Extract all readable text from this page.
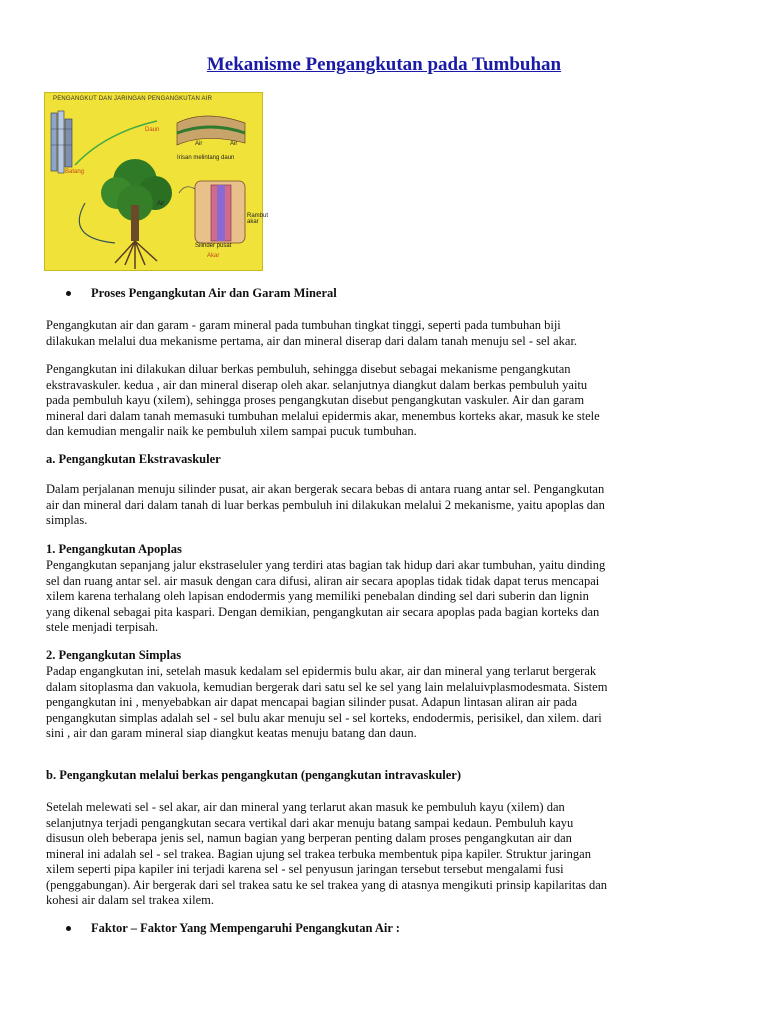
Mekanisme Pengangkutan pada Tumbuhan
PENGANGKUT DAN JARINGAN PENGANGKUTAN AIR
Daun
Batang
Air	Air
Irisan melintang daun
Air
Rambut akar
Silinder pusat
Akar
Proses Pengangkutan Air dan Garam Mineral
Pengangkutan air dan garam - garam mineral pada tumbuhan tingkat tinggi, seperti pada tumbuhan biji
dilakukan melalui dua mekanisme pertama, air dan mineral diserap dari dalam tanah menuju sel - sel akar.
Pengangkutan ini dilakukan diluar berkas pembuluh, sehingga disebut sebagai mekanisme pengangkutan
ekstravaskuler. kedua , air dan mineral diserap oleh akar. selanjutnya diangkut dalam berkas pembuluh yaitu
pada pembuluh kayu (xilem), sehingga proses pengangkutan disebut pengangkutan vaskuler. Air dan garam
mineral dari dalam tanah memasuki tumbuhan melalui epidermis akar, menembus korteks akar, masuk ke stele
dan kemudian mengalir naik ke pembuluh xilem sampai pucuk tumbuhan.
a. Pengangkutan Ekstravaskuler
Dalam perjalanan menuju silinder pusat, air akan bergerak secara bebas di antara ruang antar sel. Pengangkutan
air dan mineral dari dalam tanah di luar berkas pembuluh ini dilakukan melalui 2 mekanisme, yaitu apoplas dan
simplas.
1. Pengangkutan Apoplas
Pengangkutan sepanjang jalur ekstraseluler yang terdiri atas bagian tak hidup dari akar tumbuhan, yaitu dinding
sel dan ruang antar sel. air masuk dengan cara difusi, aliran air secara apoplas tidak tidak dapat terus mencapai
xilem karena terhalang oleh lapisan endodermis yang memiliki penebalan dinding sel dari suberin dan lignin
yang dikenal sebagai pita kaspari. Dengan demikian, pengangkutan air secara apoplas pada bagian korteks dan
stele menjadi terpisah.
2. Pengangkutan Simplas
Padap engangkutan ini, setelah masuk kedalam sel epidermis bulu akar, air dan mineral yang terlarut bergerak
dalam sitoplasma dan vakuola, kemudian bergerak dari satu sel ke sel yang lain melaluivplasmodesmata. Sistem
pengangkutan ini , menyebabkan air dapat mencapai bagian silinder pusat. Adapun lintasan aliran air pada
pengangkutan simplas adalah sel - sel bulu akar menuju sel - sel korteks, endodermis, perisikel, dan xilem. dari
sini , air dan garam mineral siap diangkut keatas menuju batang dan daun.
b. Pengangkutan melalui berkas pengangkutan (pengangkutan intravaskuler)
Setelah melewati sel - sel akar, air dan mineral yang terlarut akan masuk ke pembuluh kayu (xilem) dan
selanjutnya terjadi pengangkutan secara vertikal dari akar menuju batang sampai kedaun. Pembuluh kayu
disusun oleh beberapa jenis sel, namun bagian yang berperan penting dalam proses pengangkutan air dan
mineral ini adalah sel - sel trakea. Bagian ujung sel trakea terbuka membentuk pipa kapiler. Struktur jaringan
xilem seperti pipa kapiler ini terjadi karena sel - sel penyusun jaringan tersebut tersebut mengalami fusi
(penggabungan). Air bergerak dari sel trakea satu ke sel trakea yang di atasnya mengikuti prinsip kapilaritas dan
kohesi air dalam sel trakea xilem.
Faktor – Faktor Yang Mempengaruhi Pengangkutan Air :
